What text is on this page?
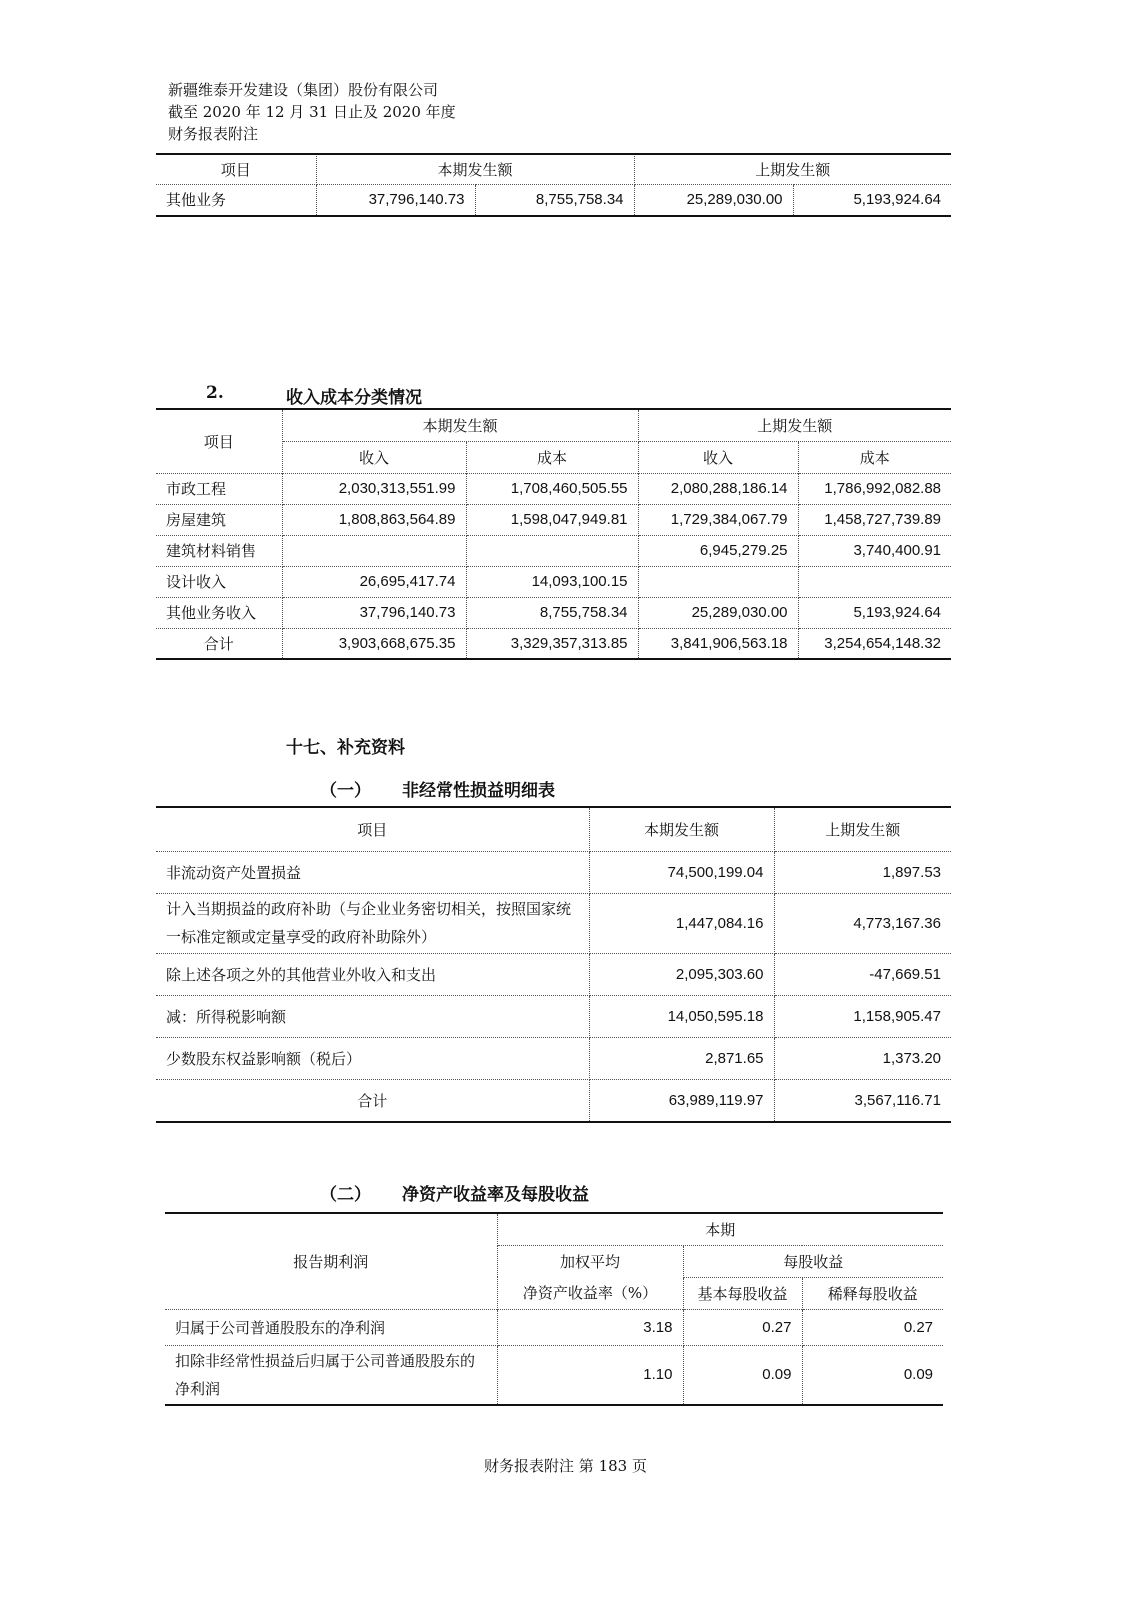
新疆维泰开发建设（集团）股份有限公司
截至 2020 年 12 月 31 日止及 2020 年度
财务报表附注
项目	本期发生额		上期发生额	
其他业务	37,796,140.73	8,755,758.34	25,289,030.00	5,193,924.64
2.	收入成本分类情况
项目	本期发生额		上期发生额	
	收入	成本	收入	成本
市政工程	2,030,313,551.99	1,708,460,505.55	2,080,288,186.14	1,786,992,082.88
房屋建筑	1,808,863,564.89	1,598,047,949.81	1,729,384,067.79	1,458,727,739.89
建筑材料销售			6,945,279.25	3,740,400.91
设计收入	26,695,417.74	14,093,100.15		
其他业务收入	37,796,140.73	8,755,758.34	25,289,030.00	5,193,924.64
合计	3,903,668,675.35	3,329,357,313.85	3,841,906,563.18	3,254,654,148.32
十七、补充资料
（一） 非经常性损益明细表
项目	本期发生额	上期发生额
非流动资产处置损益	74,500,199.04	1,897.53
计入当期损益的政府补助（与企业业务密切相关，按照国家统一标准定额或定量享受的政府补助除外）	1,447,084.16	4,773,167.36
除上述各项之外的其他营业外收入和支出	2,095,303.60	-47,669.51
减：所得税影响额	14,050,595.18	1,158,905.47
少数股东权益影响额（税后）	2,871.65	1,373.20
合计	63,989,119.97	3,567,116.71
（二） 净资产收益率及每股收益
报告期利润	本期		
	加权平均	每股收益	
	净资产收益率（%）	基本每股收益	稀释每股收益
归属于公司普通股股东的净利润	3.18	0.27	0.27
扣除非经常性损益后归属于公司普通股股东的净利润	1.10	0.09	0.09
财务报表附注 第 183 页
